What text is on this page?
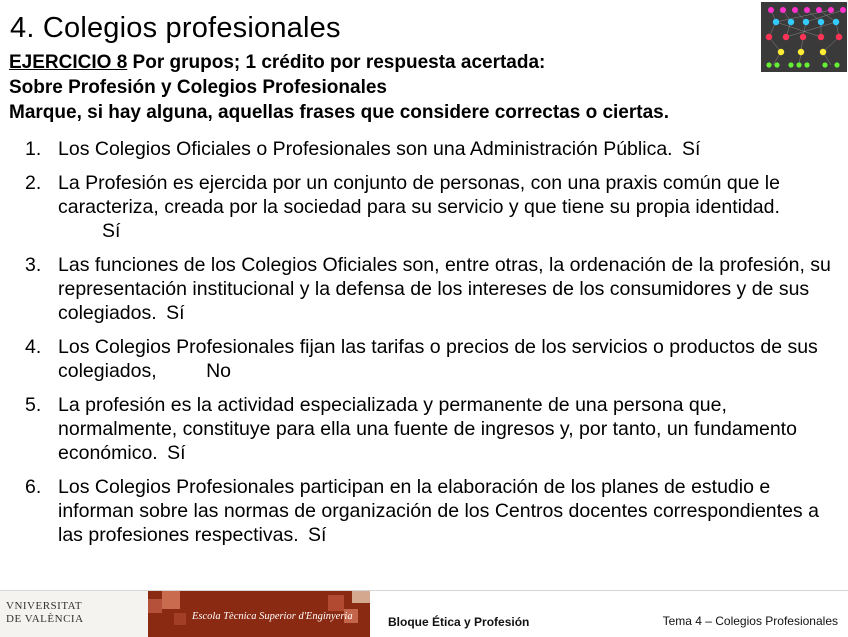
4. Colegios profesionales
EJERCICIO 8 Por grupos; 1 crédito por respuesta acertada:
Sobre Profesión y Colegios Profesionales
Marque, si hay alguna, aquellas frases que considere correctas o ciertas.
1. Los Colegios Oficiales o Profesionales son una Administración Pública. Sí
2. La Profesión es ejercida por un conjunto de personas, con una praxis común que le caracteriza, creada por la sociedad para su servicio y que tiene su propia identidad. Sí
3. Las funciones de los Colegios Oficiales son, entre otras, la ordenación de la profesión, su representación institucional y la defensa de los intereses de los consumidores y de sus colegiados. Sí
4. Los Colegios Profesionales fijan las tarifas o precios de los servicios o productos de sus colegiados,	No
5. La profesión es la actividad especializada y permanente de una persona que, normalmente, constituye para ella una fuente de ingresos y, por tanto, un fundamento económico. Sí
6. Los Colegios Profesionales participan en la elaboración de los planes de estudio e informan sobre las normas de organización de los Centros docentes correspondientes a las profesiones respectivas. Sí
VNIVERSITAT
DE VALÈNCIA	Escola Tècnica Superior d'Enginyeria	Bloque Ética y Profesión	Tema 4 – Colegios Profesionales
